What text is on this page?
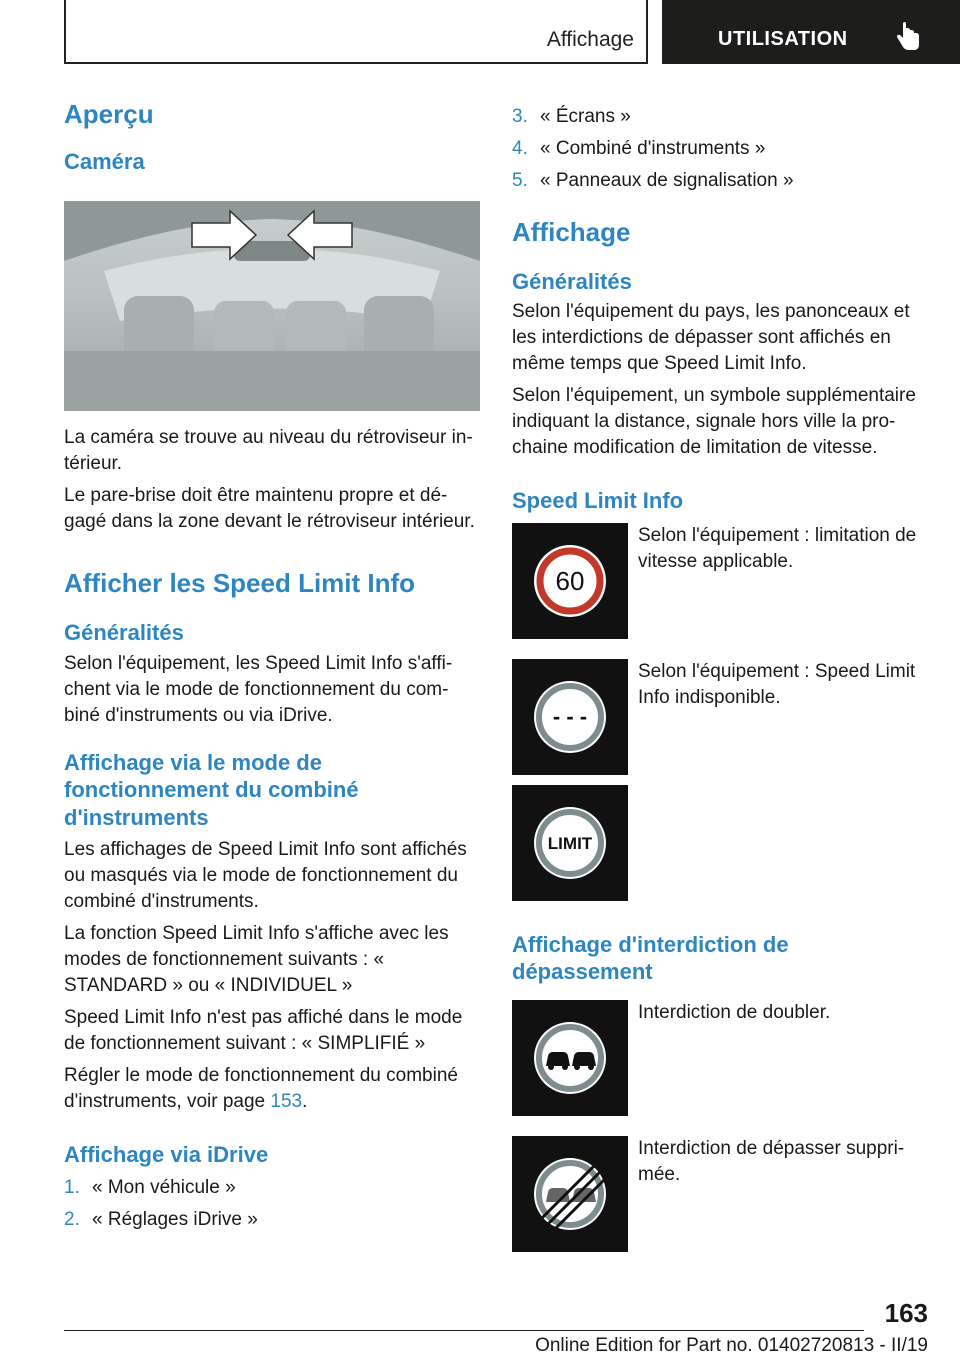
Affichage	UTILISATION
Aperçu
Caméra

La caméra se trouve au niveau du rétroviseur in-térieur.

Le pare-brise doit être maintenu propre et dé-gagé dans la zone devant le rétroviseur intérieur.

Afficher les Speed Limit Info
Généralités

Selon l'équipement, les Speed Limit Info s'affi-chent via le mode de fonctionnement du com-biné d'instruments ou via iDrive.

Affichage via le mode de fonctionnement du combiné d'instruments

Les affichages de Speed Limit Info sont affichés ou masqués via le mode de fonctionnement du combiné d'instruments.

La fonction Speed Limit Info s'affiche avec les modes de fonctionnement suivants : « STANDARD » ou « INDIVIDUEL »

Speed Limit Info n'est pas affiché dans le mode de fonctionnement suivant : « SIMPLIFIÉ »

Régler le mode de fonctionnement du combiné d'instruments, voir page 153.

Affichage via iDrive
1. « Mon véhicule »
2. « Réglages iDrive »
3. « Écrans »
4. « Combiné d'instruments »
5. « Panneaux de signalisation »
Affichage
Généralités

Selon l'équipement du pays, les panonceaux et les interdictions de dépasser sont affichés en même temps que Speed Limit Info.

Selon l'équipement, un symbole supplémentaire indiquant la distance, signale hors ville la pro-chaine modification de limitation de vitesse.

Speed Limit Info
60

Selon l'équipement : limitation de vitesse applicable.

- - -

Selon l'équipement : Speed Limit Info indisponible.

LIMIT
Affichage d'interdiction de dépassement

Interdiction de doubler.

Interdiction de dépasser suppri-mée.

163
Online Edition for Part no. 01402720813 - II/19
